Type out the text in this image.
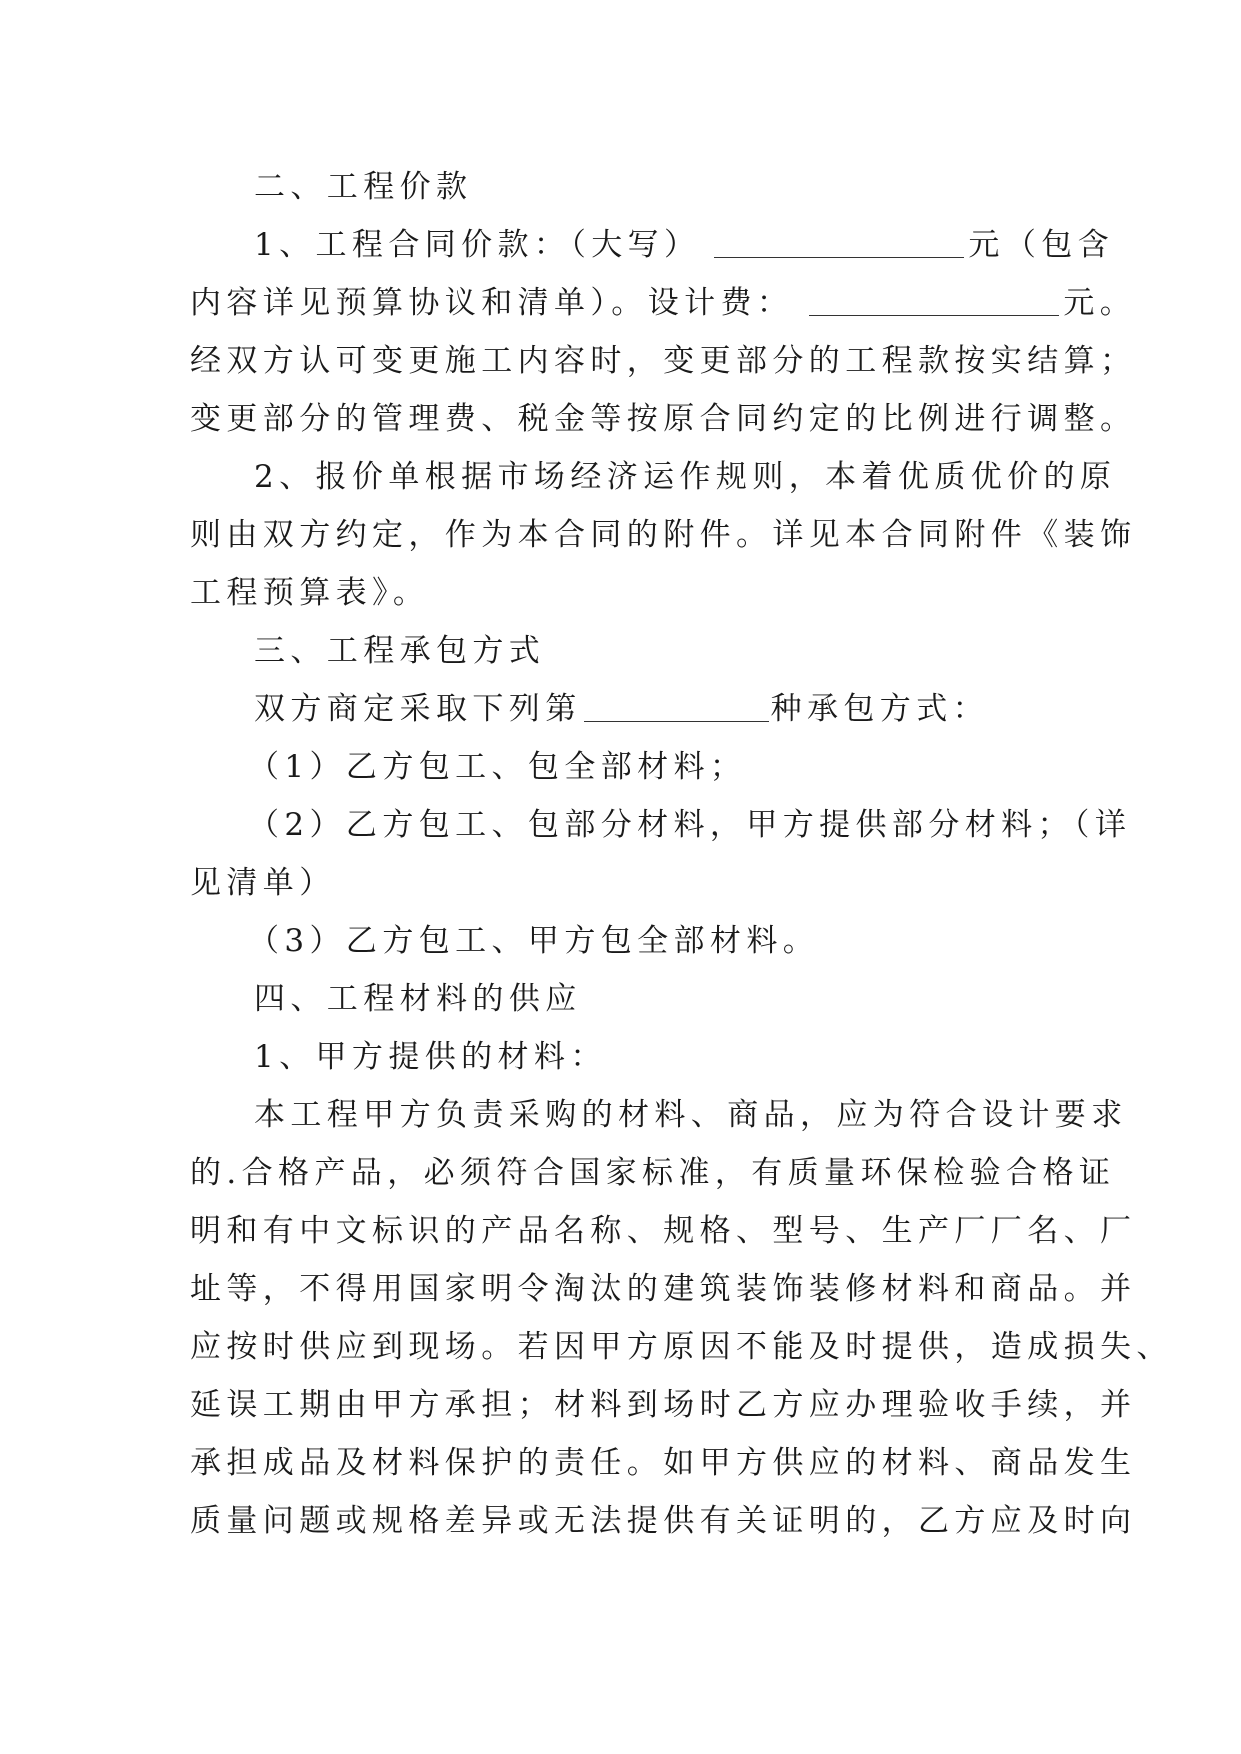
二、工程价款
1、工程合同价款：（大写）	元（包含
内容详见预算协议和清单）。设计费：	元。
经双方认可变更施工内容时，变更部分的工程款按实结算；
变更部分的管理费、税金等按原合同约定的比例进行调整。
2、报价单根据市场经济运作规则，本着优质优价的原
则由双方约定，作为本合同的附件。详见本合同附件《装饰
工程预算表》。
三、工程承包方式
双方商定采取下列第	种承包方式：
（1）乙方包工、包全部材料；
（2）乙方包工、包部分材料，甲方提供部分材料；（详
见清单）
（3）乙方包工、甲方包全部材料。
四、工程材料的供应
1、甲方提供的材料：
本工程甲方负责采购的材料、商品，应为符合设计要求
的.合格产品，必须符合国家标准，有质量环保检验合格证
明和有中文标识的产品名称、规格、型号、生产厂厂名、厂
址等，不得用国家明令淘汰的建筑装饰装修材料和商品。并
应按时供应到现场。若因甲方原因不能及时提供，造成损失、
延误工期由甲方承担；材料到场时乙方应办理验收手续，并
承担成品及材料保护的责任。如甲方供应的材料、商品发生
质量问题或规格差异或无法提供有关证明的，乙方应及时向
